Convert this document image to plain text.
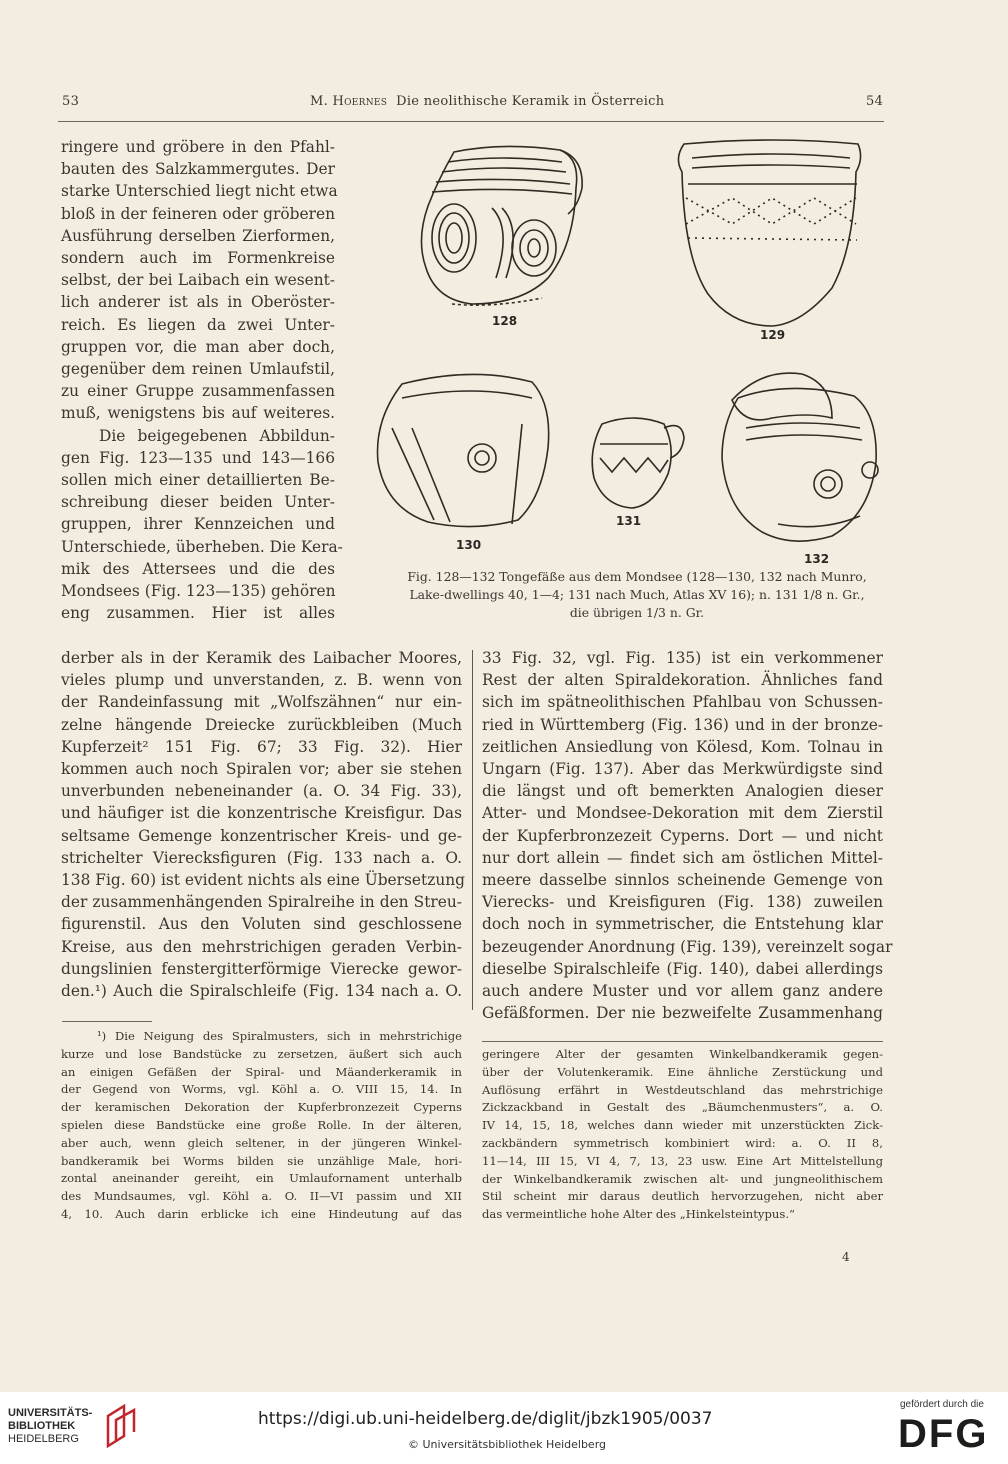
53	M. Hoernes Die neolithische Keramik in Österreich	54
128
129
130
131
132
Fig. 128—132 Tongefäße aus dem Mondsee (128—130, 132 nach Munro,
Lake-dwellings 40, 1—4; 131 nach Much, Atlas XV 16); n. 131 1/8 n. Gr.,
die übrigen 1/3 n. Gr.
ringere und gröbere in den Pfahl-
bauten des Salzkammergutes. Der
starke Unterschied liegt nicht etwa
bloß in der feineren oder gröberen
Ausführung derselben Zierformen,
sondern auch im Formenkreise
selbst, der bei Laibach ein wesent-
lich anderer ist als in Oberöster-
reich. Es liegen da zwei Unter-
gruppen vor, die man aber doch,
gegenüber dem reinen Umlaufstil,
zu einer Gruppe zusammenfassen
muß, wenigstens bis auf weiteres.
Die beigegebenen Abbildun-
gen Fig. 123—135 und 143—166
sollen mich einer detaillierten Be-
schreibung dieser beiden Unter-
gruppen, ihrer Kennzeichen und
Unterschiede, überheben. Die Kera-
mik des Attersees und die des
Mondsees (Fig. 123—135) gehören
eng zusammen. Hier ist alles
derber als in der Keramik des Laibacher Moores,
vieles plump und unverstanden, z. B. wenn von
der Randeinfassung mit „Wolfszähnen“ nur ein-
zelne hängende Dreiecke zurückbleiben (Much
Kupferzeit² 151 Fig. 67; 33 Fig. 32). Hier
kommen auch noch Spiralen vor; aber sie stehen
unverbunden nebeneinander (a. O. 34 Fig. 33),
und häufiger ist die konzentrische Kreisfigur. Das
seltsame Gemenge konzentrischer Kreis- und ge-
strichelter Vierecksfiguren (Fig. 133 nach a. O.
138 Fig. 60) ist evident nichts als eine Übersetzung
der zusammenhängenden Spiralreihe in den Streu-
figurenstil. Aus den Voluten sind geschlossene
Kreise, aus den mehrstrichigen geraden Verbin-
dungslinien fenstergitterförmige Vierecke gewor-
den.¹) Auch die Spiralschleife (Fig. 134 nach a. O.
33 Fig. 32, vgl. Fig. 135) ist ein verkommener
Rest der alten Spiraldekoration. Ähnliches fand
sich im spätneolithischen Pfahlbau von Schussen-
ried in Württemberg (Fig. 136) und in der bronze-
zeitlichen Ansiedlung von Kölesd, Kom. Tolnau in
Ungarn (Fig. 137). Aber das Merkwürdigste sind
die längst und oft bemerkten Analogien dieser
Atter- und Mondsee-Dekoration mit dem Zierstil
der Kupferbronzezeit Cyperns. Dort — und nicht
nur dort allein — findet sich am östlichen Mittel-
meere dasselbe sinnlos scheinende Gemenge von
Vierecks- und Kreisfiguren (Fig. 138) zuweilen
doch noch in symmetrischer, die Entstehung klar
bezeugender Anordnung (Fig. 139), vereinzelt sogar
dieselbe Spiralschleife (Fig. 140), dabei allerdings
auch andere Muster und vor allem ganz andere
Gefäßformen. Der nie bezweifelte Zusammenhang
¹) Die Neigung des Spiralmusters, sich in mehrstrichige
kurze und lose Bandstücke zu zersetzen, äußert sich auch
an einigen Gefäßen der Spiral- und Mäanderkeramik in
der Gegend von Worms, vgl. Köhl a. O. VIII 15, 14. In
der keramischen Dekoration der Kupferbronzezeit Cyperns
spielen diese Bandstücke eine große Rolle. In der älteren,
aber auch, wenn gleich seltener, in der jüngeren Winkel-
bandkeramik bei Worms bilden sie unzählige Male, hori-
zontal aneinander gereiht, ein Umlaufornament unterhalb
des Mundsaumes, vgl. Köhl a. O. II—VI passim und XII
4, 10. Auch darin erblicke ich eine Hindeutung auf das
geringere Alter der gesamten Winkelbandkeramik gegen-
über der Volutenkeramik. Eine ähnliche Zerstückung und
Auflösung erfährt in Westdeutschland das mehrstrichige
Zickzackband in Gestalt des „Bäumchenmusters“, a. O.
IV 14, 15, 18, welches dann wieder mit unzerstückten Zick-
zackbändern symmetrisch kombiniert wird: a. O. II 8,
11—14, III 15, VI 4, 7, 13, 23 usw. Eine Art Mittelstellung
der Winkelbandkeramik zwischen alt- und jungneolithischem
Stil scheint mir daraus deutlich hervorzugehen, nicht aber
das vermeintliche hohe Alter des „Hinkelsteintypus.“
4
UNIVERSITÄTS-
BIBLIOTHEK
HEIDELBERG
https://digi.ub.uni-heidelberg.de/diglit/jbzk1905/0037
© Universitätsbibliothek Heidelberg
gefördert durch die
DFG
